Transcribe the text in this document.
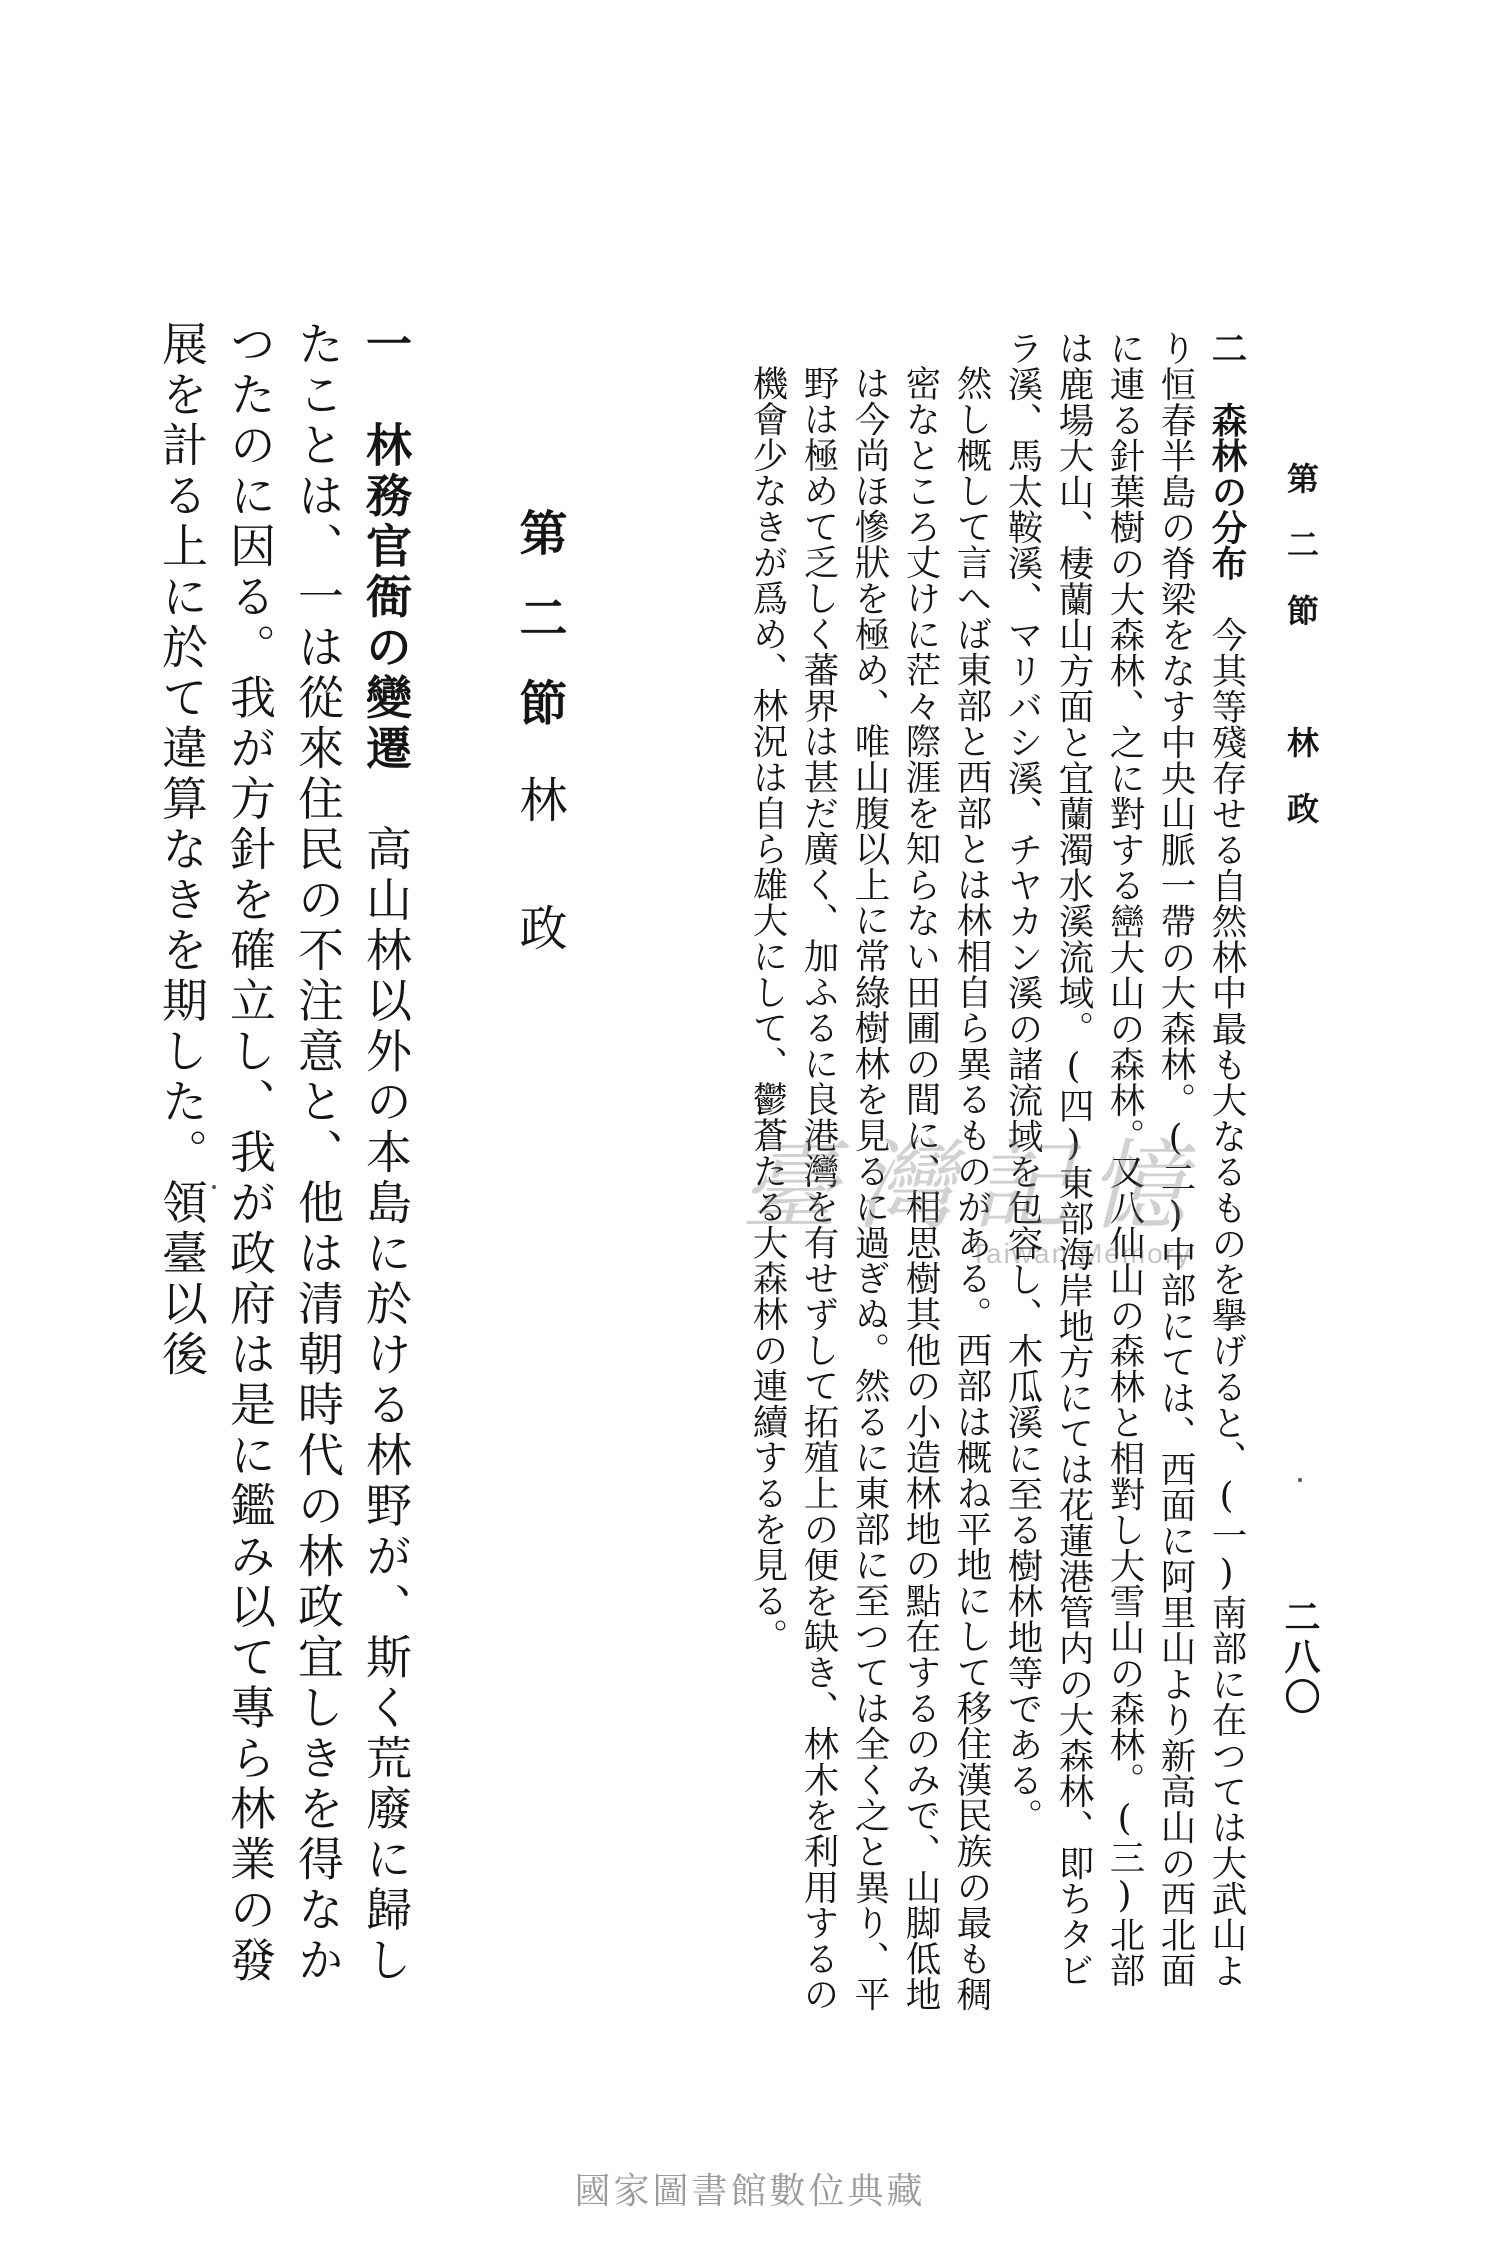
第二節　林政
二八〇

二　森林の分布　今其等殘存せる自然林中最も大なるものを擧げると、(一)南部に在つては大武山より恒春半島の脊梁をなす中央山脈一帶の大森林。(二)中部にては、西面に阿里山より新高山の西北面に連る針葉樹の大森林、之に對する巒大山の森林。又八仙山の森林と相對し大雪山の森林。(三)北部は鹿場大山、棲蘭山方面と宜蘭濁水溪流域。(四)東部海岸地方にては花蓮港管内の大森林、即ちタビラ溪、馬太鞍溪、マリバシ溪、チヤカン溪の諸流域を包容し、木瓜溪に至る樹林地等である。

然し概して言へば東部と西部とは林相自ら異るものがある。西部は概ね平地にして移住漢民族の最も稠密なところ丈けに茫々際涯を知らない田圃の間に、相思樹其他の小造林地の點在するのみで、山脚低地は今尚ほ慘狀を極め、唯山腹以上に常綠樹林を見るに過ぎぬ。然るに東部に至つては全く之と異り、平野は極めて乏しく蕃界は甚だ廣く、加ふるに良港灣を有せずして拓殖上の便を缺き、林木を利用するの機會少なきが爲め、林況は自ら雄大にして、鬱蒼たる大森林の連續するを見る。

第二節
林政

一　林務官衙の變遷　高山林以外の本島に於ける林野が、斯く荒廢に歸したことは、一は從來住民の不注意と、他は清朝時代の林政宜しきを得なかつたのに因る。我が方針を確立し、我が政府は是に鑑み以て專ら林業の發展を計る上に於て違算なきを期した。領臺以後	臺灣記憶
Taiwan Memory
國家圖書館數位典藏
